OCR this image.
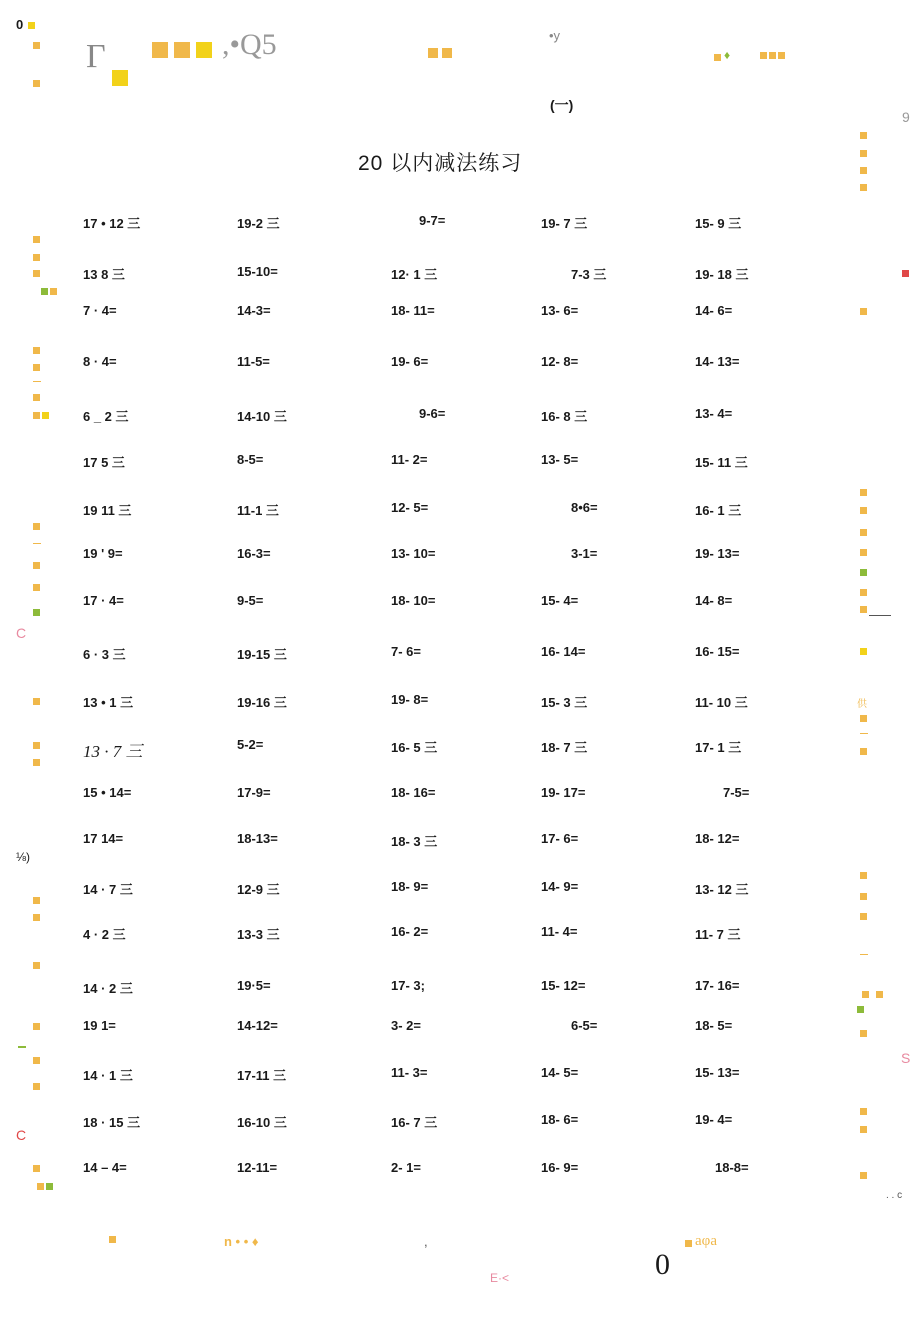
0
Γ	,•Q5	•y
♦
(一)
20 以内减法练习
17 • 12 三	19-2 三	9-7=	19- 7 三	15- 9 三
13 8 三	15-10=	12· 1 三	7-3 三	19- 18 三
7 · 4=	14-3=	18- 11=	13- 6=	14- 6=
8 · 4=	11-5=	19- 6=	12- 8=	14- 13=
6 _ 2 三	14-10 三	9-6=	16- 8 三	13- 4=
17 5 三	8-5=	11- 2=	13- 5=	15- 11 三
19 11 三	11-1 三	12- 5=	8•6=	16- 1 三
19 ' 9=	16-3=	13- 10=	3-1=	19- 13=
17 · 4=	9-5=	18- 10=	15- 4=	14- 8=
6 · 3 三	19-15 三	7- 6=	16- 14=	16- 15=
13 • 1 三	19-16 三	19- 8=	15- 3 三	11- 10 三
13 · 7 三	5-2=	16- 5 三	18- 7 三	17- 1 三
15 • 14=	17-9=	18- 16=	19- 17=	7-5=
17 14=	18-13=	18- 3 三	17- 6=	18- 12=
14 · 7 三	12-9 三	18- 9=	14- 9=	13- 12 三
4 · 2 三	13-3 三	16- 2=	11- 4=	11- 7 三
14 · 2 三	19·5=	17- 3;	15- 12=	17- 16=
19 1=	14-12=	3- 2=	6-5=	18- 5=
14 · 1 三	17-11 三	11- 3=	14- 5=	15- 13=
18 · 15 三	16-10 三	16- 7 三	18- 6=	19- 4=
14 – 4=	12-11=	2- 1=	16- 9=	18-8=
C
⅛)
C
9
供
S
. . c
n • • ♦	,
E·<	0
aφa
